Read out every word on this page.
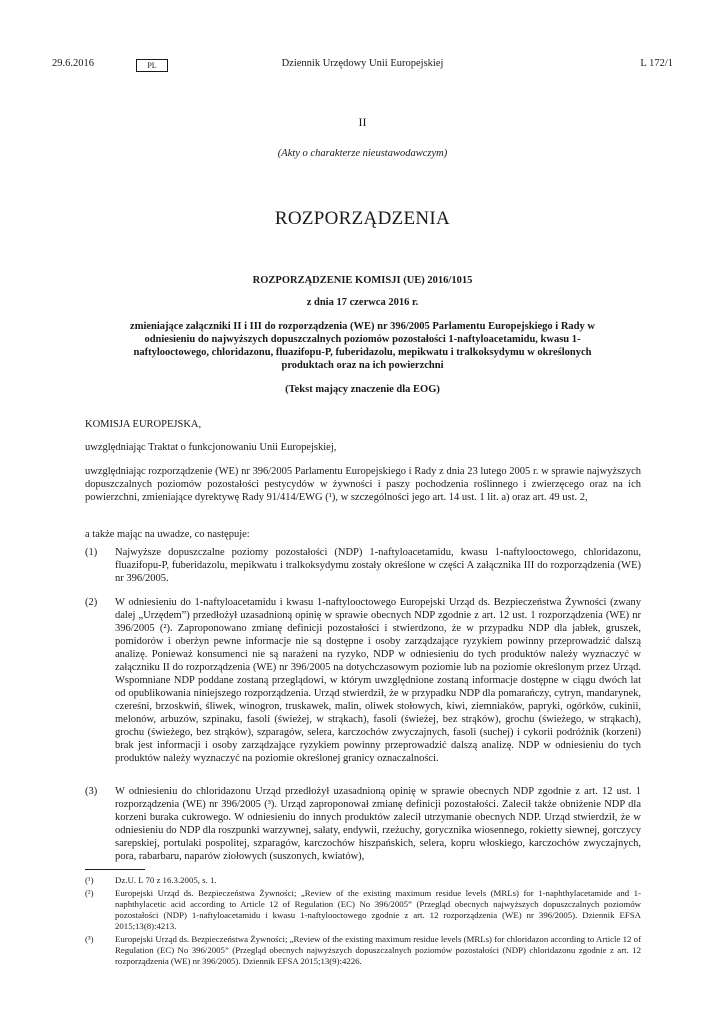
29.6.2016	PL	Dziennik Urzędowy Unii Europejskiej	L 172/1
II
(Akty o charakterze nieustawodawczym)
ROZPORZĄDZENIA
ROZPORZĄDZENIE KOMISJI (UE) 2016/1015
z dnia 17 czerwca 2016 r.
zmieniające załączniki II i III do rozporządzenia (WE) nr 396/2005 Parlamentu Europejskiego i Rady w odniesieniu do najwyższych dopuszczalnych poziomów pozostałości 1-naftyloacetamidu, kwasu 1-naftylooctowego, chloridazonu, fluazifopu-P, fuberidazolu, mepikwatu i tralkoksydymu w określonych produktach oraz na ich powierzchni
(Tekst mający znaczenie dla EOG)

KOMISJA EUROPEJSKA,

uwzględniając Traktat o funkcjonowaniu Unii Europejskiej,

uwzględniając rozporządzenie (WE) nr 396/2005 Parlamentu Europejskiego i Rady z dnia 23 lutego 2005 r. w sprawie najwyższych dopuszczalnych poziomów pozostałości pestycydów w żywności i paszy pochodzenia roślinnego i zwierzęcego oraz na ich powierzchni, zmieniające dyrektywę Rady 91/414/EWG (¹), w szczególności jego art. 14 ust. 1 lit. a) oraz art. 49 ust. 2,

a także mając na uwadze, co następuje:

(1) Najwyższe dopuszczalne poziomy pozostałości (NDP) 1-naftyloacetamidu, kwasu 1-naftylooctowego, chloridazonu, fluazifopu-P, fuberidazolu, mepikwatu i tralkoksydymu zostały określone w części A załącznika III do rozporządzenia (WE) nr 396/2005.
(2) W odniesieniu do 1-naftyloacetamidu i kwasu 1-naftylooctowego Europejski Urząd ds. Bezpieczeństwa Żywności (zwany dalej „Urzędem”) przedłożył uzasadnioną opinię w sprawie obecnych NDP zgodnie z art. 12 ust. 1 rozporządzenia (WE) nr 396/2005 (²). Zaproponowano zmianę definicji pozostałości i stwierdzono, że w przypadku NDP dla jabłek, gruszek, pomidorów i oberżyn pewne informacje nie są dostępne i osoby zarządzające ryzykiem powinny przeprowadzić dalszą analizę. Ponieważ konsumenci nie są narażeni na ryzyko, NDP w odniesieniu do tych produktów należy wyznaczyć w załączniku II do rozporządzenia (WE) nr 396/2005 na dotychczasowym poziomie lub na poziomie określonym przez Urząd. Wspomniane NDP poddane zostaną przeglądowi, w którym uwzględnione zostaną informacje dostępne w ciągu dwóch lat od opublikowania niniejszego rozporządzenia. Urząd stwierdził, że w przypadku NDP dla pomarańczy, cytryn, mandarynek, czereśni, brzoskwiń, śliwek, winogron, truskawek, malin, oliwek stołowych, kiwi, ziemniaków, papryki, ogórków, cukinii, melonów, arbuzów, szpinaku, fasoli (świeżej, w strąkach), fasoli (świeżej, bez strąków), grochu (świeżego, w strąkach), grochu (świeżego, bez strąków), szparagów, selera, karczochów zwyczajnych, fasoli (suchej) i cykorii podróżnik (korzeni) brak jest informacji i osoby zarządzające ryzykiem powinny przeprowadzić dalszą analizę. NDP w odniesieniu do tych produktów należy wyznaczyć na poziomie określonej granicy oznaczalności.
(3) W odniesieniu do chloridazonu Urząd przedłożył uzasadnioną opinię w sprawie obecnych NDP zgodnie z art. 12 ust. 1 rozporządzenia (WE) nr 396/2005 (³). Urząd zaproponował zmianę definicji pozostałości. Zalecił także obniżenie NDP dla korzeni buraka cukrowego. W odniesieniu do innych produktów zalecił utrzymanie obecnych NDP. Urząd stwierdził, że w odniesieniu do NDP dla roszpunki warzywnej, sałaty, endywii, rzeżuchy, gorycznika wiosennego, rokietty siewnej, gorczycy sarepskiej, portulaki pospolitej, szparagów, karczochów hiszpańskich, selera, kopru włoskiego, karczochów zwyczajnych, pora, rabarbaru, naparów ziołowych (suszonych, kwiatów),
(¹) Dz.U. L 70 z 16.3.2005, s. 1.
(²) Europejski Urząd ds. Bezpieczeństwa Żywności; „Review of the existing maximum residue levels (MRLs) for 1-naphthylacetamide and 1-naphthylacetic acid according to Article 12 of Regulation (EC) No 396/2005” (Przegląd obecnych najwyższych dopuszczalnych poziomów pozostałości (NDP) 1-naftyloacetamidu i kwasu 1-naftylooctowego zgodnie z art. 12 rozporządzenia (WE) nr 396/2005). Dziennik EFSA 2015;13(8):4213.
(³) Europejski Urząd ds. Bezpieczeństwa Żywności; „Review of the existing maximum residue levels (MRLs) for chloridazon according to Article 12 of Regulation (EC) No 396/2005” (Przegląd obecnych najwyższych dopuszczalnych poziomów pozostałości (NDP) chloridazonu zgodnie z art. 12 rozporządzenia (WE) nr 396/2005). Dziennik EFSA 2015;13(9):4226.
